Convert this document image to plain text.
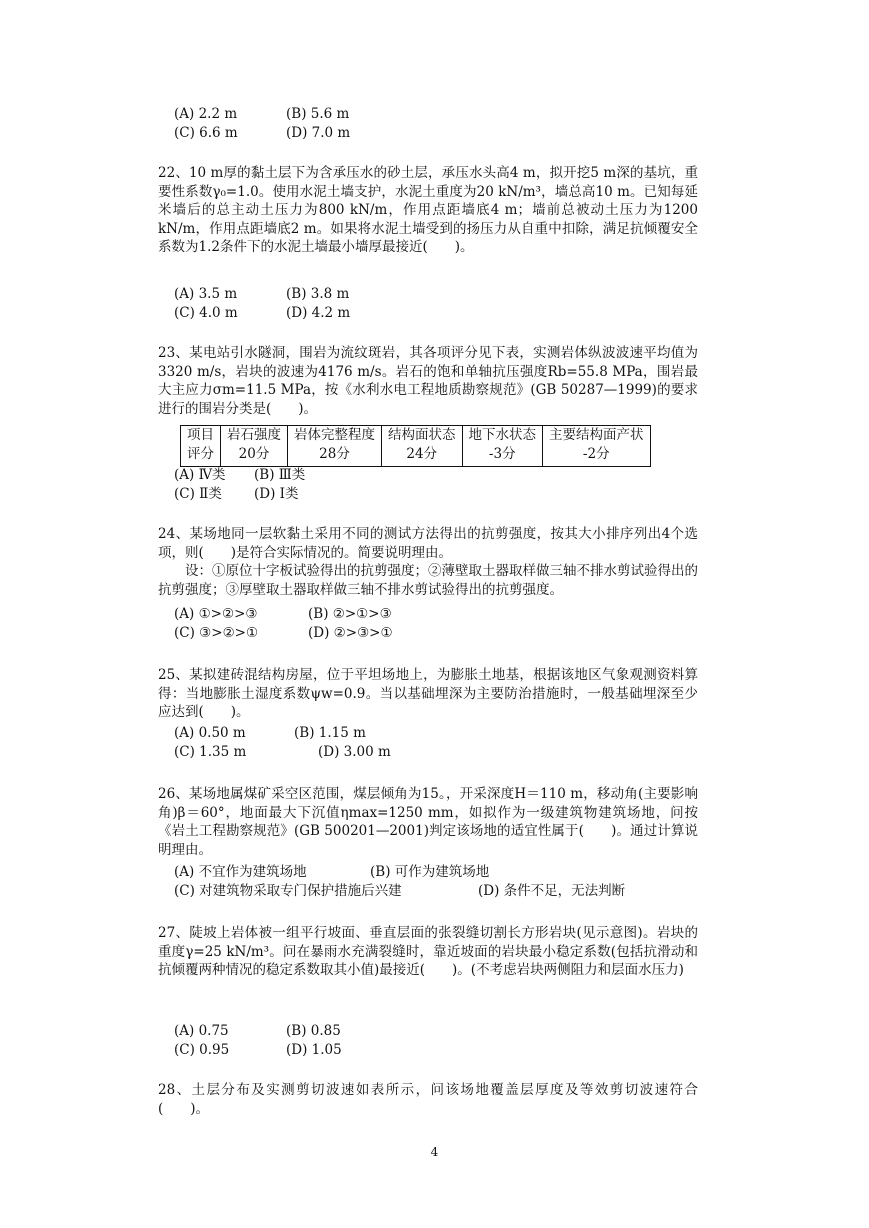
(A) 2.2 m	(B) 5.6 m
(C) 6.6 m	(D) 7.0 m

22、10 m厚的黏土层下为含承压水的砂土层，承压水头高4 m，拟开挖5 m深的基坑，重要性系数γ₀=1.0。使用水泥土墙支护，水泥土重度为20 kN/m³，墙总高10 m。已知每延米墙后的总主动土压力为800 kN/m，作用点距墙底4 m；墙前总被动土压力为1200 kN/m，作用点距墙底2 m。如果将水泥土墙受到的扬压力从自重中扣除，满足抗倾覆安全系数为1.2条件下的水泥土墙最小墙厚最接近(　　)。

(A) 3.5 m	(B) 3.8 m
(C) 4.0 m	(D) 4.2 m

23、某电站引水隧洞，围岩为流纹斑岩，其各项评分见下表，实测岩体纵波波速平均值为3320 m/s，岩块的波速为4176 m/s。岩石的饱和单轴抗压强度Rb=55.8 MPa，围岩最大主应力σm=11.5 MPa，按《水利水电工程地质勘察规范》(GB 50287—1999)的要求进行的围岩分类是(　　)。

项目	岩石强度	岩体完整程度	结构面状态	地下水状态	主要结构面产状
评分	20分	28分	24分	-3分	-2分
(A) Ⅳ类 (B) Ⅲ类
(C) Ⅱ类 (D) Ⅰ类

24、某场地同一层软黏土采用不同的测试方法得出的抗剪强度，按其大小排序列出4个选项，则(　　)是符合实际情况的。简要说明理由。

设：①原位十字板试验得出的抗剪强度；②薄壁取土器取样做三轴不排水剪试验得出的抗剪强度；③厚壁取土器取样做三轴不排水剪试验得出的抗剪强度。

(A) ①>②>③	(B) ②>①>③
(C) ③>②>①	(D) ②>③>①

25、某拟建砖混结构房屋，位于平坦场地上，为膨胀土地基，根据该地区气象观测资料算得：当地膨胀土湿度系数ψw=0.9。当以基础埋深为主要防治措施时，一般基础埋深至少应达到(　　)。

(A) 0.50 m	(B) 1.15 m
(C) 1.35 m	(D) 3.00 m

26、某场地属煤矿采空区范围，煤层倾角为15。，开采深度H＝110 m，移动角(主要影响角)β＝60°，地面最大下沉值ηmax=1250 mm，如拟作为一级建筑物建筑场地，问按《岩土工程勘察规范》(GB 500201—2001)判定该场地的适宜性属于(　　)。通过计算说明理由。

(A) 不宜作为建筑场地	(B) 可作为建筑场地
(C) 对建筑物采取专门保护措施后兴建	(D) 条件不足，无法判断

27、陡坡上岩体被一组平行坡面、垂直层面的张裂缝切割长方形岩块(见示意图)。岩块的重度γ=25 kN/m³。问在暴雨水充满裂缝时，靠近坡面的岩块最小稳定系数(包括抗滑动和抗倾覆两种情况的稳定系数取其小值)最接近(　　)。(不考虑岩块两侧阻力和层面水压力)

(A) 0.75	(B) 0.85
(C) 0.95	(D) 1.05

28、土层分布及实测剪切波速如表所示，问该场地覆盖层厚度及等效剪切波速符合(　　)。

4
